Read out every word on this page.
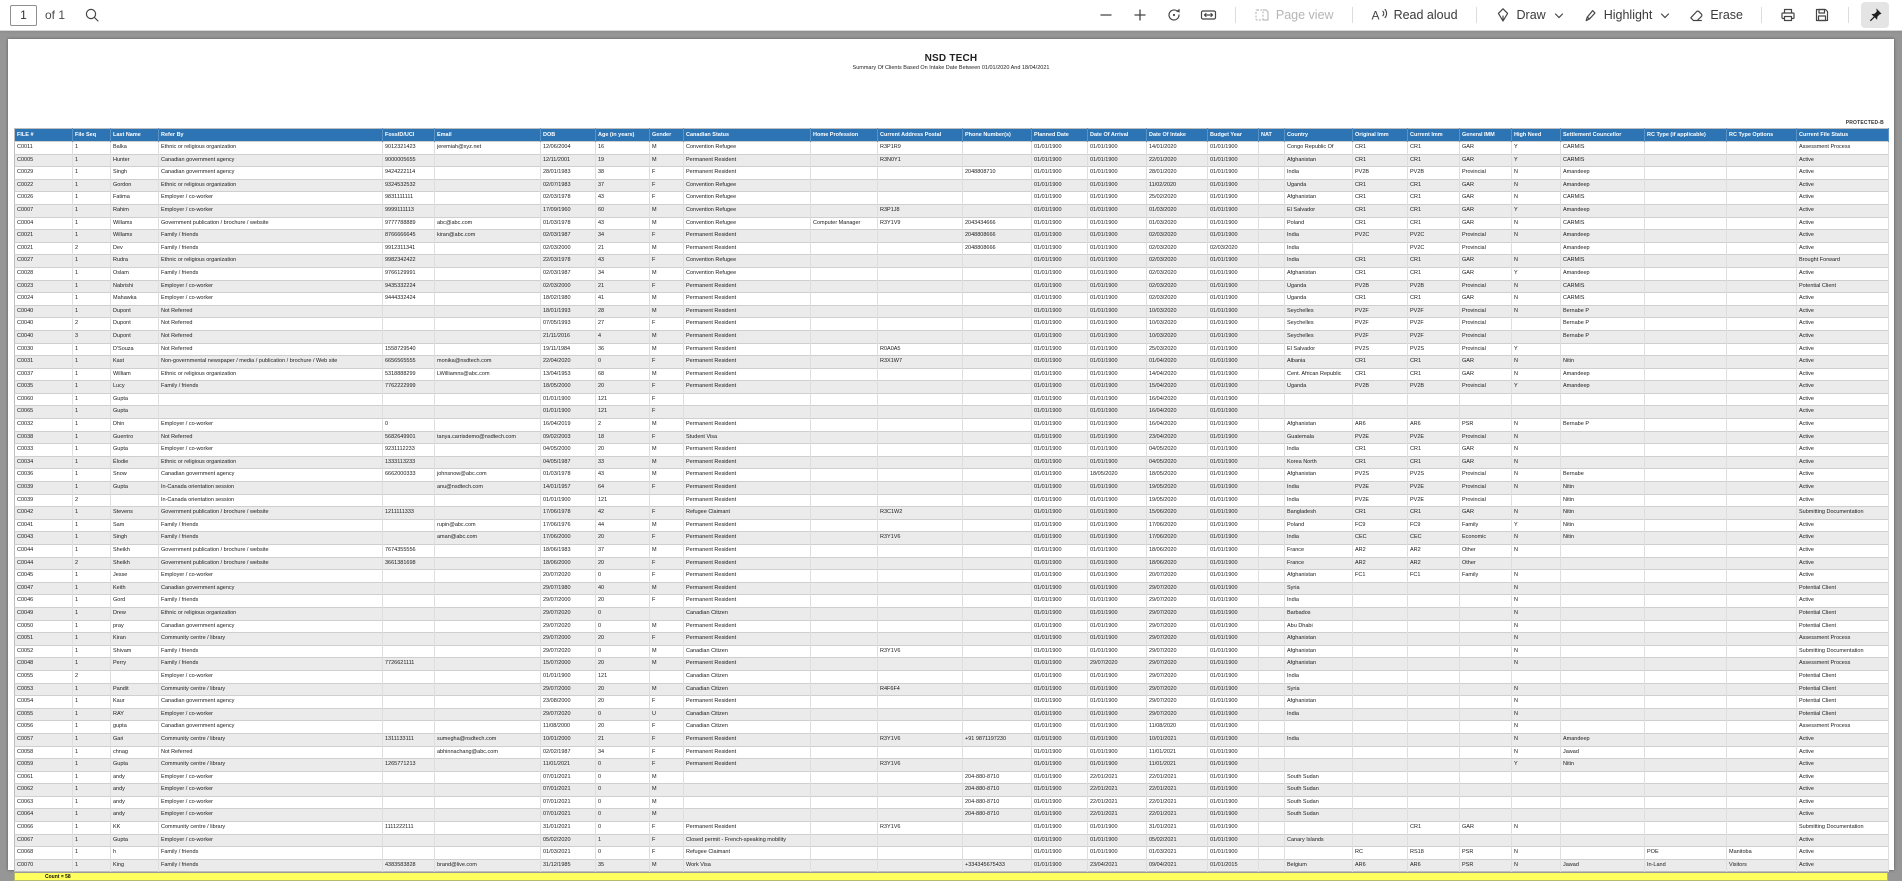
1
of 1	Page view	A Read aloud	Draw	Highlight	Erase
NSD TECH
Summary Of Clients Based On Intake Date Between 01/01/2020 And 18/04/2021
PROTECTED-B
FILE #	File Seq	Last Name	Refer By	FossID/UCI	Email	DOB	Age (in years)	Gender	Canadian Status	Home Profession	Current Address Postal	Phone Number(s)	Planned Date	Date Of Arrival	Date Of Intake	Budget Year	NAT	Country	Original Imm	Current Imm	General IMM	High Need	Settlement Councellor	RC Type (if applicable)	RC Type Options	Current File Status
C0011	1	Balka	Ethnic or religious organization	9012321423	jeremiah@xyz.net	12/06/2004	16	M	Convention Refugee		R3P1R9		01/01/1900	01/01/1900	14/01/2020	01/01/1900		Congo Republic Of	CR1	CR1	GAR	Y	CARMIS			Assessment Process
C0005	1	Hunter	Canadian government agency	9000005655		12/11/2001	19	M	Permanent Resident		R3N0Y1		01/01/1900	01/01/1900	22/01/2020	01/01/1900		Afghanistan	CR1	CR1	GAR	Y	CARMIS			Active
C0029	1	Singh	Canadian government agency	9424222114		28/01/1983	38	F	Permanent Resident			2048808710	01/01/1900	01/01/1900	28/01/2020	01/01/1900		India	PV2B	PV2B	Provincial	N	Amandeep			Active
C0022	1	Gordon	Ethnic or religious organization	9324532532		02/07/1983	37	F	Convention Refugee				01/01/1900	01/01/1900	11/02/2020	01/01/1900		Uganda	CR1	CR1	GAR	N	Amandeep			Active
C0026	1	Fatima	Employer / co-worker	9831111111		02/03/1978	43	F	Convention Refugee				01/01/1900	01/01/1900	25/02/2020	01/01/1900		Afghanistan	CR1	CR1	GAR	N	CARMIS			Active
C0007	1	Rahim	Employer / co-worker	9999111113		17/09/1960	60	M	Convention Refugee		R3P1J8		01/01/1900	01/01/1900	01/03/2020	01/01/1900		El Salvador	CR1	CR1	GAR	Y	Amandeep			Active
C0004	1	Willams	Government publication / brochure / website	9777788889	abc@abc.com	01/03/1978	43	M	Convention Refugee	Computer Manager	R3Y1V9	2043434666	01/01/1900	01/01/1900	01/03/2020	01/01/1900		Poland	CR1	CR1	GAR	N	CARMIS			Active
C0021	1	Willams	Family / friends	8766666645	kiran@abc.com	02/03/1987	34	F	Permanent Resident			2048808666	01/01/1900	01/01/1900	02/03/2020	01/01/1900		India	PV2C	PV2C	Provincial	N	Amandeep			Active
C0021	2	Dev	Family / friends	9912311341		02/03/2000	21	M	Permanent Resident			2048808666	01/01/1900	01/01/1900	02/03/2020	02/03/2020		India		PV2C	Provincial		Amandeep			Active
C0027	1	Rudra	Ethnic or religious organization	9982342422		22/03/1978	43	F	Convention Refugee				01/01/1900	01/01/1900	02/03/2020	01/01/1900		India	CR1	CR1	GAR	N	CARMIS			Brought Forward
C0028	1	Oslam	Family / friends	9766129991		02/03/1987	34	M	Convention Refugee				01/01/1900	01/01/1900	02/03/2020	01/01/1900		Afghanistan	CR1	CR1	GAR	Y	Amandeep			Active
C0023	1	Nabrishi	Employer / co-worker	9435332224		02/03/2000	21	F	Permanent Resident				01/01/1900	01/01/1900	02/03/2020	01/01/1900		Uganda	PV2B	PV2B	Provincial	N	CARMIS			Potential Client
C0024	1	Mahawka	Employer / co-worker	9444332424		18/02/1980	41	M	Permanent Resident				01/01/1900	01/01/1900	02/03/2020	01/01/1900		Uganda	CR1	CR1	GAR	N	CARMIS			Active
C0040	1	Dupont	Not Referred			18/01/1993	28	M	Permanent Resident				01/01/1900	01/01/1900	10/03/2020	01/01/1900		Seychelles	PV2F	PV2F	Provincial	N	Bernabe P			Active
C0040	2	Dupont	Not Referred			07/05/1993	27	F	Permanent Resident				01/01/1900	01/01/1900	10/03/2020	01/01/1900		Seychelles	PV2F	PV2F	Provincial		Bernabe P			Active
C0040	3	Dupont	Not Referred			21/11/2016	4	M	Permanent Resident				01/01/1900	01/01/1900	10/03/2020	01/01/1900		Seychelles	PV2F	PV2F	Provincial		Bernabe P			Active
C0030	1	D'Souza	Not Referred	1558729540		19/11/1984	36	M	Permanent Resident		R0A0A5		01/01/1900	01/01/1900	25/03/2020	01/01/1900		El Salvador	PV2S	PV2S	Provincial	Y				Active
C0031	1	Kast	Non-governmental newspaper / media / publication / brochure / Web site	6656565555	monika@nsdtech.com	22/04/2020	0	F	Permanent Resident		R3X1W7		01/01/1900	01/01/1900	01/04/2020	01/01/1900		Albania	CR1	CR1	GAR	N	Nitin			Active
C0037	1	William	Ethnic or religious organization	5318888299	LWilliamns@abc.com	13/04/1953	68	M	Permanent Resident				01/01/1900	01/01/1900	14/04/2020	01/01/1900		Cent. African Republic	CR1	CR1	GAR	N	Amandeep			Active
C0035	1	Lucy	Family / friends	7762222999		18/05/2000	20	F	Permanent Resident				01/01/1900	01/01/1900	15/04/2020	01/01/1900		Uganda	PV2B	PV2B	Provincial	Y	Amandeep			Active
C0060	1	Gupta				01/01/1900	121	F					01/01/1900	01/01/1900	16/04/2020	01/01/1900										Active
C0065	1	Gupta				01/01/1900	121	F					01/01/1900	01/01/1900	16/04/2020	01/01/1900										Active
C0032	1	Dhin	Employer / co-worker	0		16/04/2019	2	M	Permanent Resident				01/01/1900	01/01/1900	16/04/2020	01/01/1900		Afghanistan	AR6	AR6	PSR	N	Bernabe P			Active
C0038	1	Guerriro	Not Referred	5682649901	tanya.carrisdemo@nsdtech.com	09/02/2003	18	F	Student Visa				01/01/1900	01/01/1900	23/04/2020	01/01/1900		Guatemala	PV2E	PV2E	Provincial	N				Active
C0033	1	Gupta	Employer / co-worker	9231112233		04/05/2000	20	M	Permanent Resident				01/01/1900	01/01/1900	04/05/2020	01/01/1900		India	CR1	CR1	GAR	N				Active
C0034	1	Élodie	Ethnic or religious organization	1333113233		04/05/1987	33	M	Permanent Resident				01/01/1900	01/01/1900	04/05/2020	01/01/1900		Korea North	CR1	CR1	GAR	N				Active
C0036	1	Snow	Canadian government agency	6662000333	johnsnow@abc.com	01/03/1978	43	M	Permanent Resident				01/01/1900	18/05/2020	18/05/2020	01/01/1900		Afghanistan	PV2S	PV2S	Provincial	N	Bernabe			Active
C0039	1	Gupta	In-Canada orientation session		anu@nsdtech.com	14/01/1957	64	F	Permanent Resident				01/01/1900	01/01/1900	19/05/2020	01/01/1900		India	PV2E	PV2E	Provincial	N	Nitin			Active
C0039	2		In-Canada orientation session			01/01/1900	121		Permanent Resident				01/01/1900	01/01/1900	19/05/2020	01/01/1900		India	PV2E	PV2E	Provincial		Nitin			Active
C0042	1	Stevens	Government publication / brochure / website	1211111333		17/06/1978	42	F	Refugee Claimant		R3C1W2		01/01/1900	01/01/1900	15/06/2020	01/01/1900		Bangladesh	CR1	CR1	GAR	N	Nitin			Submitting Documentation
C0041	1	Sam	Family / friends		rupin@abc.com	17/06/1976	44	M	Permanent Resident				01/01/1900	01/01/1900	17/06/2020	01/01/1900		Poland	FC9	FC9	Family	Y	Nitin			Active
C0043	1	Singh	Family / friends		aman@abc.com	17/06/2000	20	F	Permanent Resident		R3Y1V6		01/01/1900	01/01/1900	17/06/2020	01/01/1900		India	CEC	CEC	Economic	N	Nitin			Active
C0044	1	Sheikh	Government publication / brochure / website	7674355556		18/06/1983	37	M	Permanent Resident				01/01/1900	01/01/1900	18/06/2020	01/01/1900		France	AR2	AR2	Other	N				Active
C0044	2	Sheikh	Government publication / brochure / website	3661381698		18/06/2000	20	F	Permanent Resident				01/01/1900	01/01/1900	18/06/2020	01/01/1900		France	AR2	AR2	Other					Active
C0045	1	Jesse	Employer / co-worker			20/07/2020	0	F	Permanent Resident				01/01/1900	01/01/1900	20/07/2020	01/01/1900		Afghanistan	FC1	FC1	Family	N				Active
C0047	1	Keith	Canadian government agency			29/07/1980	40	M	Permanent Resident				01/01/1900	01/01/1900	29/07/2020	01/01/1900		Syria				N				Potential Client
C0046	1	Gord	Family / friends			29/07/2000	20	F	Permanent Resident				01/01/1900	01/01/1900	29/07/2020	01/01/1900		India				N				Active
C0049	1	Drew	Ethnic or religious organization			29/07/2020	0		Canadian Citizen				01/01/1900	01/01/1900	29/07/2020	01/01/1900		Barbados				N				Potential Client
C0050	1	pray	Canadian government agency			29/07/2020	0	M	Permanent Resident				01/01/1900	01/01/1900	29/07/2020	01/01/1900		Abu Dhabi				N				Potential Client
C0051	1	Kiran	Community centre / library			29/07/2000	20	F	Permanent Resident				01/01/1900	01/01/1900	29/07/2020	01/01/1900		Afghanistan				N				Assessment Process
C0052	1	Shivam	Family / friends			29/07/2020	0	M	Canadian Citizen		R3Y1V6		01/01/1900	01/01/1900	29/07/2020	01/01/1900		Afghanistan				N				Submitting Documentation
C0048	1	Perry	Family / friends	7726621111		15/07/2000	20	M	Permanent Resident				01/01/1900	29/07/2020	29/07/2020	01/01/1900		Afghanistan				N				Assessment Process
C0055	2		Employer / co-worker			01/01/1900	121		Canadian Citizen				01/01/1900	01/01/1900	29/07/2020	01/01/1900		India								Potential Client
C0053	1	Pandit	Community centre / library			29/07/2000	20	M	Canadian Citizen		R4F6F4		01/01/1900	01/01/1900	29/07/2020	01/01/1900		Syria				N				Potential Client
C0054	1	Kaur	Canadian government agency			23/08/2000	20	F	Permanent Resident				01/01/1900	01/01/1900	29/07/2020	01/01/1900		Afghanistan				N				Potential Client
C0055	1	RAY	Employer / co-worker			29/07/2020	0	U	Canadian Citizen				01/01/1900	01/01/1900	29/07/2020	01/01/1900		India				N				Potential Client
C0056	1	gupta	Canadian government agency			11/08/2000	20	F	Canadian Citizen				01/01/1900	01/01/1900	11/08/2020	01/01/1900						N				Assessment Process
C0057	1	Gari	Community centre / library	1311133111	sumegha@nsdtech.com	10/01/2000	21	F	Permanent Resident		R3Y1V6	+91 9871197230	01/01/1900	01/01/1900	10/01/2021	01/01/1900		India				N	Amandeep			Active
C0058	1	chnag	Not Referred		abhinnachang@abc.com	02/02/1987	34	F	Permanent Resident				01/01/1900	01/01/1900	11/01/2021	01/01/1900						N	Jawad			Active
C0059	1	Gupta	Community centre / library	1265771213		11/01/2021	0	F	Permanent Resident		R3Y1V6		01/01/1900	01/01/1900	11/01/2021	01/01/1900						Y	Nitin			Active
C0061	1	andy	Employer / co-worker			07/01/2021	0	M				204-880-8710	01/01/1900	22/01/2021	22/01/2021	01/01/1900		South Sudan								Active
C0062	1	andy	Employer / co-worker			07/01/2021	0	M				204-880-8710	01/01/1900	22/01/2021	22/01/2021	01/01/1900		South Sudan								Active
C0063	1	andy	Employer / co-worker			07/01/2021	0	M				204-880-8710	01/01/1900	22/01/2021	22/01/2021	01/01/1900		South Sudan								Active
C0064	1	andy	Employer / co-worker			07/01/2021	0	M				204-880-8710	01/01/1900	22/01/2021	22/01/2021	01/01/1900		South Sudan								Active
C0066	1	KK	Community centre / library	1111222111		31/01/2021	0	F	Permanent Resident		R3Y1V6		01/01/1900	01/01/1900	31/01/2021	01/01/1900				CR1	GAR	N				Submitting Documentation
C0067	1	Gupta	Employer / co-worker			05/02/2020	1	F	Closed permit - French-speaking mobility				01/01/1900	01/01/1900	05/02/2021	01/01/1900		Canary Islands								Active
C0068	1	h	Family / friends			01/03/2021	0	F	Refugee Claimant				01/01/1900	01/01/1900	01/03/2021	01/01/1900			RC	RS18	PSR	N		POE	Manitoba	Active
C0070	1	King	Family / friends	4383583828	brand@live.com	31/12/1985	35	M	Work Visa			+334345675433	01/01/1900	23/04/2021	09/04/2021	01/01/2015		Belgium	AR6	AR6	PSR	N	Jawad	In-Land	Visitors	Active
Count = 58
